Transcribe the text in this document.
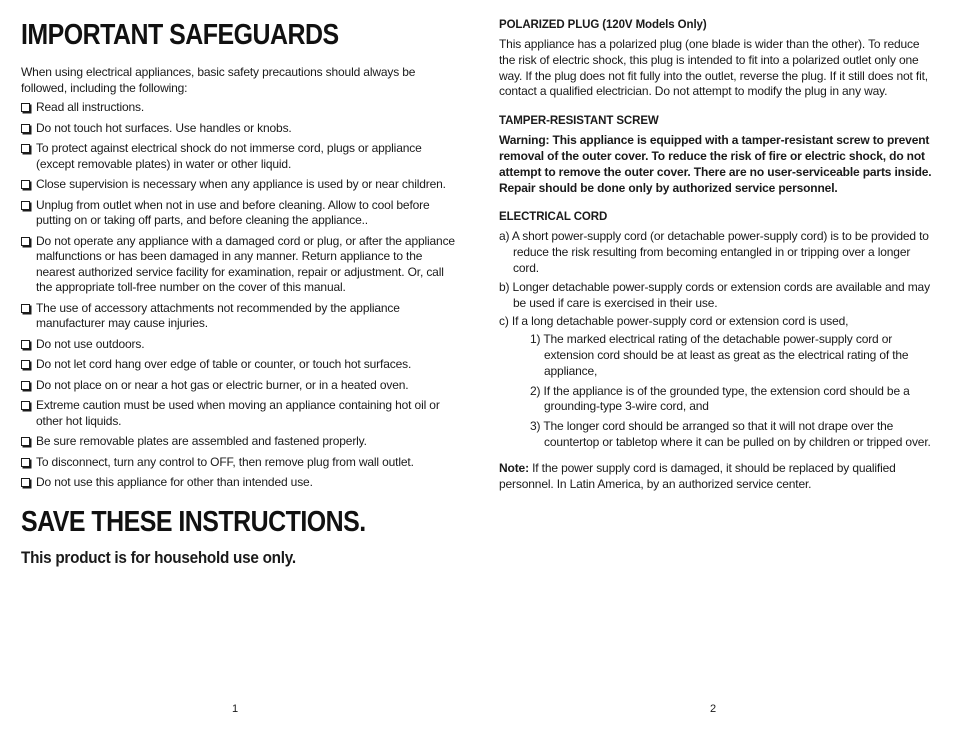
IMPORTANT SAFEGUARDS

When using electrical appliances, basic safety precautions should always be followed, including the following:

Read all instructions.
Do not touch hot surfaces. Use handles or knobs.
To protect against electrical shock do not immerse cord, plugs or appliance (except removable plates) in water or other liquid.
Close supervision is necessary when any appliance is used by or near children.
Unplug from outlet when not in use and before cleaning. Allow to cool before putting on or taking off parts, and before cleaning the appliance..
Do not operate any appliance with a damaged cord or plug, or after the appliance malfunctions or has been damaged in any manner. Return appliance to the nearest authorized service facility for examination, repair or adjustment. Or, call the appropriate toll-free number on the cover of this manual.
The use of accessory attachments not recommended by the appliance manufacturer may cause injuries.
Do not use outdoors.
Do not let cord hang over edge of table or counter, or touch hot surfaces.
Do not place on or near a hot gas or electric burner, or in a heated oven.
Extreme caution must be used when moving an appliance containing hot oil or other hot liquids.
Be sure removable plates are assembled and fastened properly.
To disconnect, turn any control to OFF, then remove plug from wall outlet.
Do not use this appliance for other than intended use.
SAVE THESE INSTRUCTIONS.

This product is for household use only.

POLARIZED PLUG (120V Models Only)

This appliance has a polarized plug (one blade is wider than the other). To reduce the risk of electric shock, this plug is intended to fit into a polarized outlet only one way. If the plug does not fit fully into the outlet, reverse the plug. If it still does not fit, contact a qualified electrician. Do not attempt to modify the plug in any way.

TAMPER-RESISTANT SCREW

Warning: This appliance is equipped with a tamper-resistant screw to prevent removal of the outer cover. To reduce the risk of fire or electric shock, do not attempt to remove the outer cover. There are no user-serviceable parts inside. Repair should be done only by authorized service personnel.

ELECTRICAL CORD
a) A short power-supply cord (or detachable power-supply cord) is to be provided to reduce the risk resulting from becoming entangled in or tripping over a longer cord.
b) Longer detachable power-supply cords or extension cords are available and may be used if care is exercised in their use.
c) If a long detachable power-supply cord or extension cord is used,
1) The marked electrical rating of the detachable power-supply cord or extension cord should be at least as great as the electrical rating of the appliance,
2) If the appliance is of the grounded type, the extension cord should be a grounding-type 3-wire cord, and
3) The longer cord should be arranged so that it will not drape over the countertop or tabletop where it can be pulled on by children or tripped over.

Note: If the power supply cord is damaged, it should be replaced by qualified personnel. In Latin America, by an authorized service center.

1	2
